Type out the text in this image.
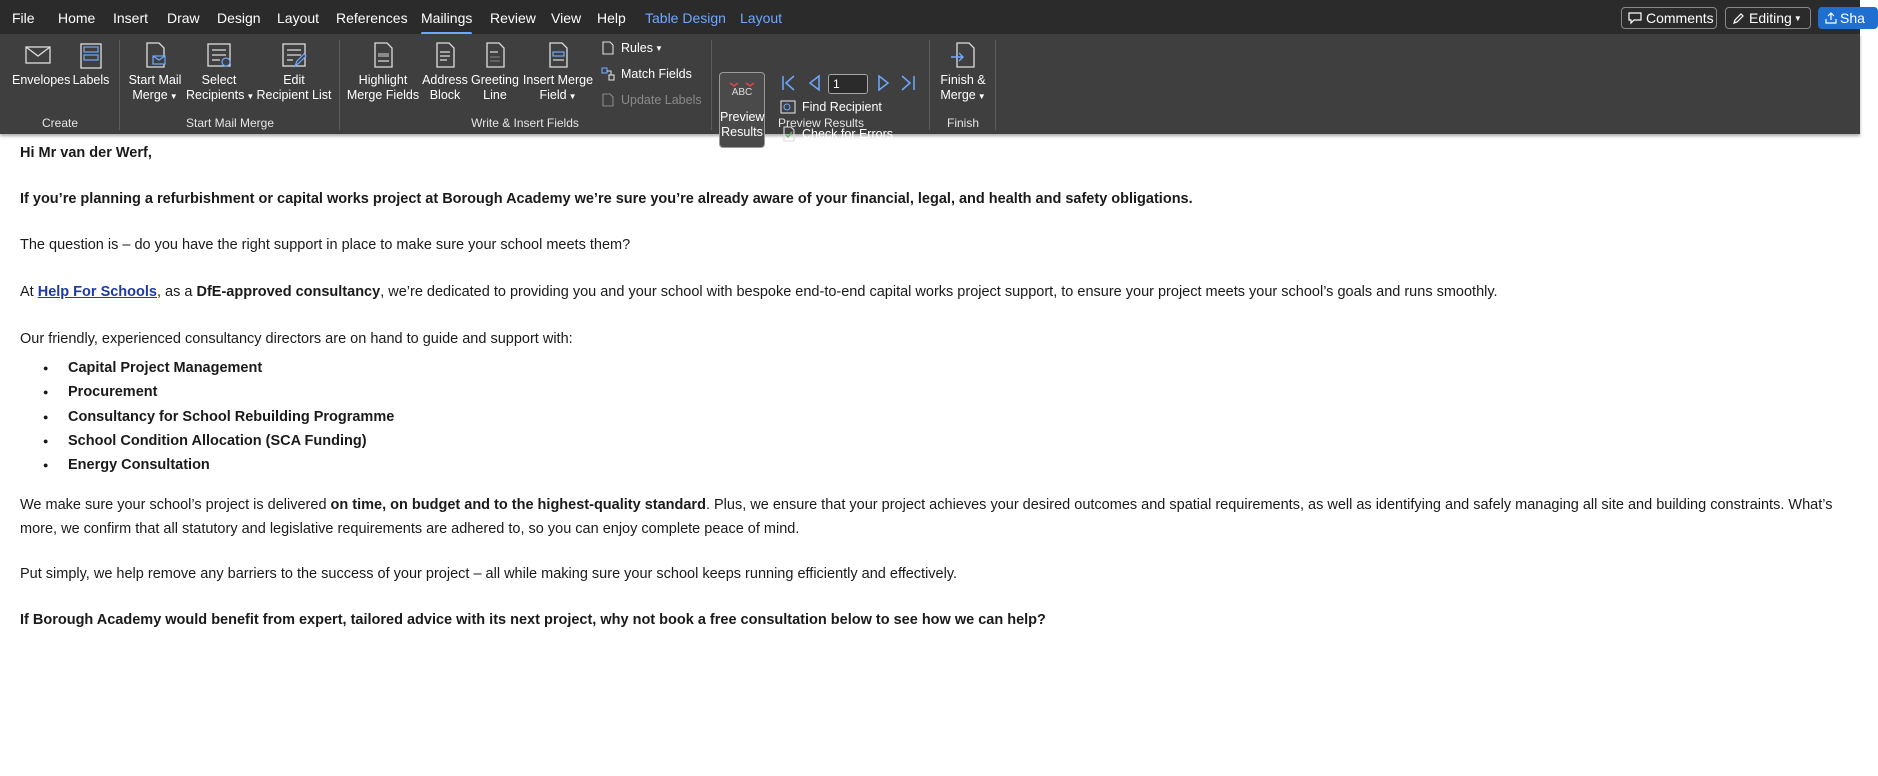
File Home Insert Draw Design Layout References Mailings Review View Help Table Design Layout	Comments	Editing ▼	Sha
Envelopes Labels
Create
Start Mail
Merge ▼
Select
Recipients ▼
Edit
Recipient List
Start Mail Merge
Highlight
Merge Fields
Address
Block
Greeting
Line
Insert Merge
Field ▼
Rules ▼
Match Fields
Update Labels
Write & Insert Fields
ABC
Preview
Results
1
Find Recipient
Check for Errors
Preview Results
Finish &
Merge ▼
Finish

Hi Mr van der Werf,

If you’re planning a refurbishment or capital works project at Borough Academy we’re sure you’re already aware of your financial, legal, and health and safety obligations.

The question is – do you have the right support in place to make sure your school meets them?

At Help For Schools, as a DfE-approved consultancy, we’re dedicated to providing you and your school with bespoke end-to-end capital works project support, to ensure your project meets your school’s goals and runs smoothly.

Our friendly, experienced consultancy directors are on hand to guide and support with:

● Capital Project Management
● Procurement
● Consultancy for School Rebuilding Programme
● School Condition Allocation (SCA Funding)
● Energy Consultation

We make sure your school’s project is delivered on time, on budget and to the highest-quality standard. Plus, we ensure that your project achieves your desired outcomes and spatial requirements, as well as identifying and safely managing all site and building constraints. What’s more, we confirm that all statutory and legislative requirements are adhered to, so you can enjoy complete peace of mind.

Put simply, we help remove any barriers to the success of your project – all while making sure your school keeps running efficiently and effectively.

If Borough Academy would benefit from expert, tailored advice with its next project, why not book a free consultation below to see how we can help?
